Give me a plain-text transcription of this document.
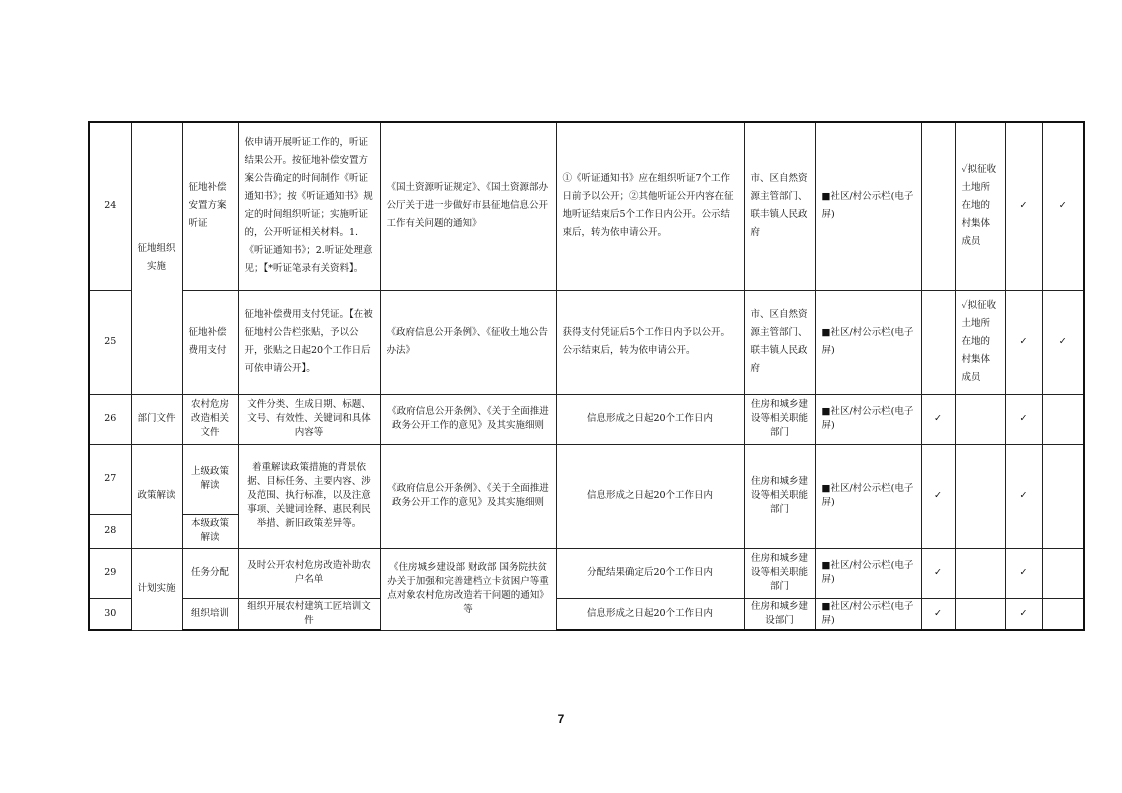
24	征地组织实施	征地补偿安置方案听证	依申请开展听证工作的，听证结果公开。按征地补偿安置方案公告确定的时间制作《听证通知书》；按《听证通知书》规定的时间组织听证；实施听证的，公开听证相关材料。1.《听证通知书》；2.听证处理意见；【*听证笔录有关资料】。	《国土资源听证规定》、《国土资源部办公厅关于进一步做好市县征地信息公开工作有关问题的通知》	①《听证通知书》应在组织听证7个工作日前予以公开；②其他听证公开内容在征地听证结束后5个工作日内公开。公示结束后，转为依申请公开。	市、区自然资源主管部门、联丰镇人民政府	■社区/村公示栏(电子屏)		✓拟征收土地所在地的村集体成员	✓	✓
25		征地补偿费用支付	征地补偿费用支付凭证。【在被征地村公告栏张贴，予以公开，张贴之日起20个工作日后可依申请公开】。	《政府信息公开条例》、《征收土地公告办法》	获得支付凭证后5个工作日内予以公开。公示结束后，转为依申请公开。	市、区自然资源主管部门、联丰镇人民政府	■社区/村公示栏(电子屏)		✓拟征收土地所在地的村集体成员	✓	✓
26	部门文件	农村危房改造相关文件	文件分类、生成日期、标题、文号、有效性、关键词和具体内容等	《政府信息公开条例》、《关于全面推进政务公开工作的意见》及其实施细则	信息形成之日起20个工作日内	住房和城乡建设等相关职能部门	■社区/村公示栏(电子屏)	✓		✓	
27	政策解读	上级政策解读	着重解读政策措施的背景依据、目标任务、主要内容、涉及范围、执行标准，以及注意事项、关键词诠释、惠民利民举措、新旧政策差异等。	《政府信息公开条例》、《关于全面推进政务公开工作的意见》及其实施细则	信息形成之日起20个工作日内	住房和城乡建设等相关职能部门	■社区/村公示栏(电子屏)	✓		✓	
28		本级政策解读									
29	计划实施	任务分配	及时公开农村危房改造补助农户名单	《住房城乡建设部 财政部 国务院扶贫办关于加强和完善建档立卡贫困户等重点对象农村危房改造若干问题的通知》等	分配结果确定后20个工作日内	住房和城乡建设等相关职能部门	■社区/村公示栏(电子屏)	✓		✓	
30		组织培训	组织开展农村建筑工匠培训文件		信息形成之日起20个工作日内	住房和城乡建设部门	■社区/村公示栏(电子屏)	✓		✓	
7
